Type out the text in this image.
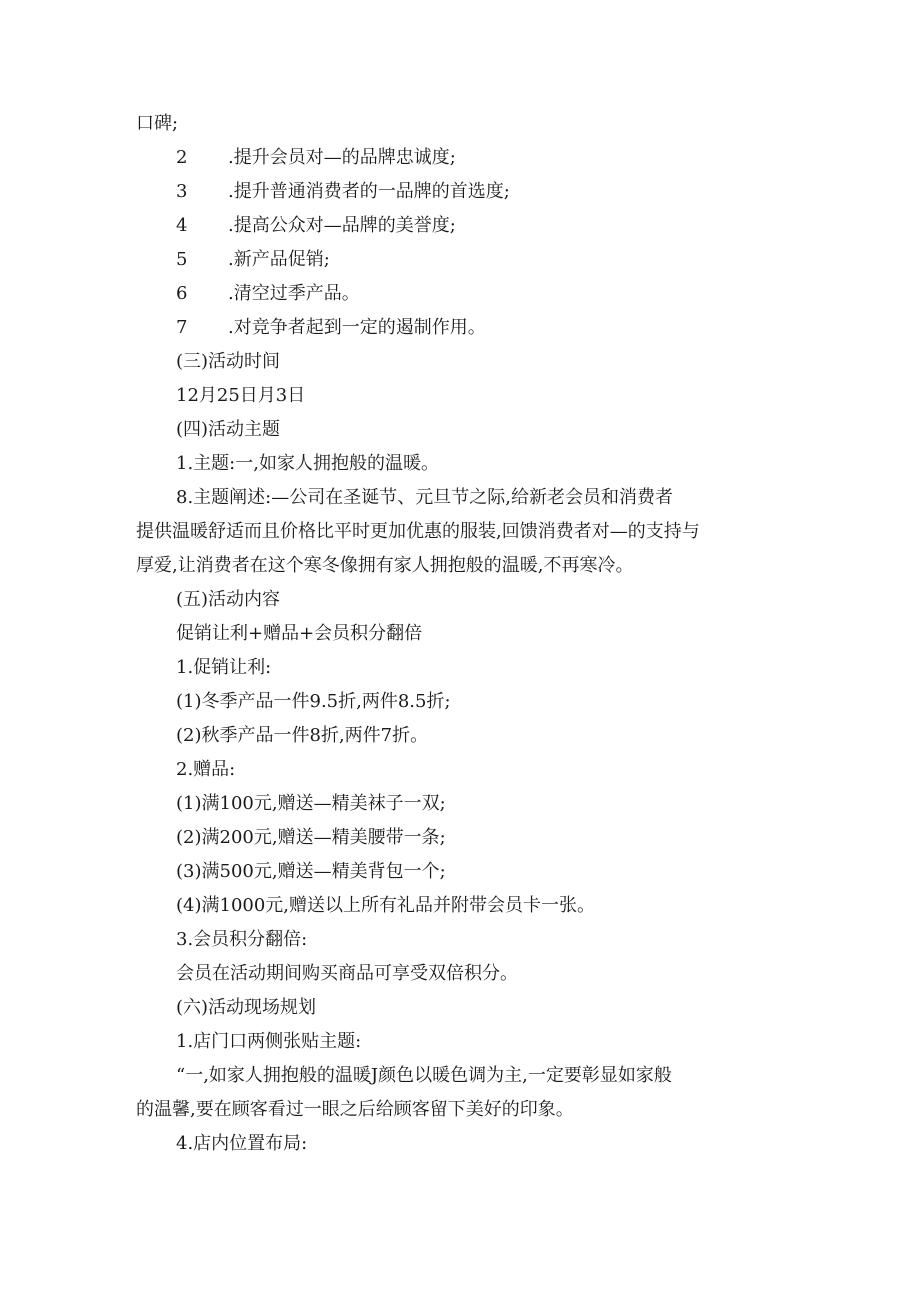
口碑;
2 .提升会员对—的品牌忠诚度;
3 .提升普通消费者的一品牌的首选度;
4 .提高公众对—品牌的美誉度;
5 .新产品促销;
6 .清空过季产品。
7 .对竞争者起到一定的遏制作用。
(三)活动时间
12月25日月3日
(四)活动主题
1.主题:一,如家人拥抱般的温暖。
8.主题阐述:—公司在圣诞节、元旦节之际,给新老会员和消费者
提供温暖舒适而且价格比平时更加优惠的服装,回馈消费者对—的支持与
厚爱,让消费者在这个寒冬像拥有家人拥抱般的温暖,不再寒冷。
(五)活动内容
促销让利+赠品+会员积分翻倍
1.促销让利:
(1)冬季产品一件9.5折,两件8.5折;
(2)秋季产品一件8折,两件7折。
2.赠品:
(1)满100元,赠送—精美袜子一双;
(2)满200元,赠送—精美腰带一条;
(3)满500元,赠送—精美背包一个;
(4)满1000元,赠送以上所有礼品并附带会员卡一张。
3.会员积分翻倍:
会员在活动期间购买商品可享受双倍积分。
(六)活动现场规划
1.店门口两侧张贴主题:
“一,如家人拥抱般的温暖J颜色以暖色调为主,一定要彰显如家般
的温馨,要在顾客看过一眼之后给顾客留下美好的印象。
4.店内位置布局:
